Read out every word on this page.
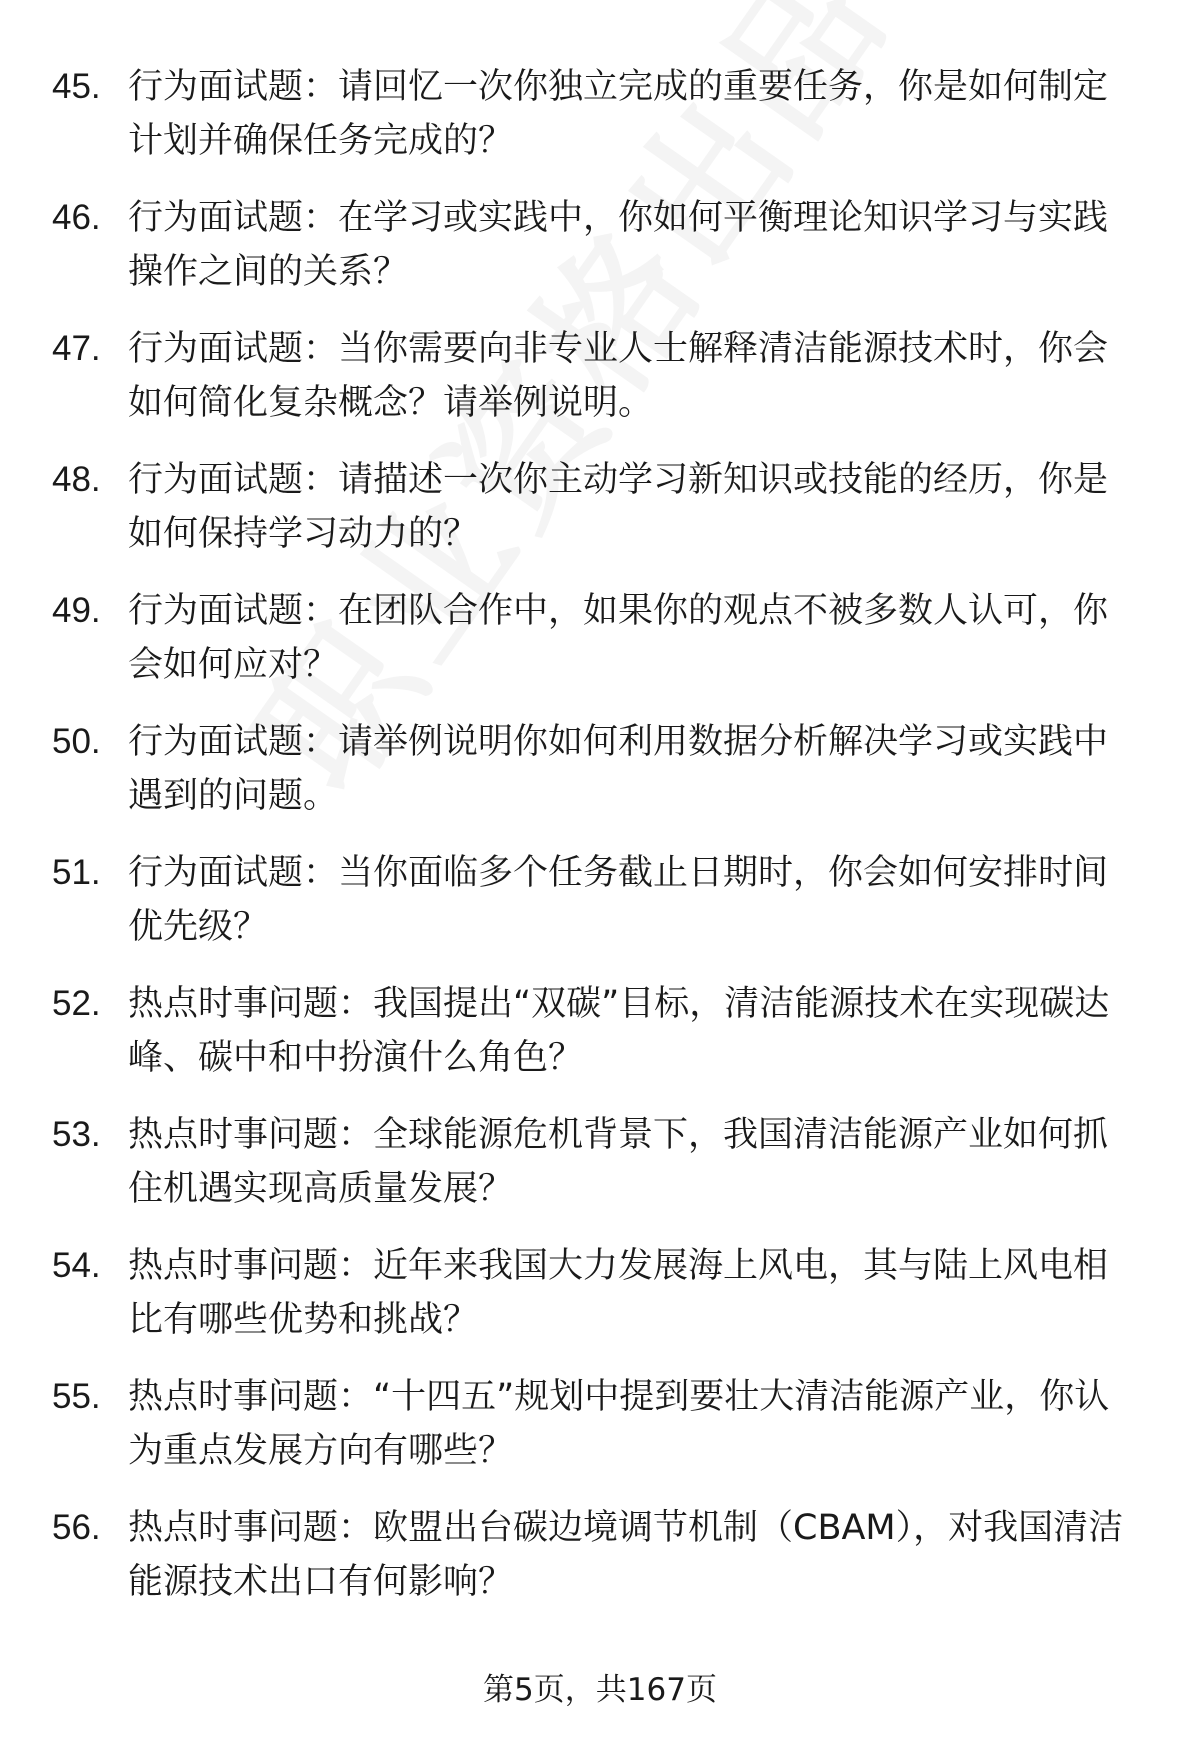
45. 行为面试题：请回忆一次你独立完成的重要任务，你是如何制定计划并确保任务完成的？
46. 行为面试题：在学习或实践中，你如何平衡理论知识学习与实践操作之间的关系？
47. 行为面试题：当你需要向非专业人士解释清洁能源技术时，你会如何简化复杂概念？请举例说明。
48. 行为面试题：请描述一次你主动学习新知识或技能的经历，你是如何保持学习动力的？
49. 行为面试题：在团队合作中，如果你的观点不被多数人认可，你会如何应对？
50. 行为面试题：请举例说明你如何利用数据分析解决学习或实践中遇到的问题。
51. 行为面试题：当你面临多个任务截止日期时，你会如何安排时间优先级？
52. 热点时事问题：我国提出“双碳”目标，清洁能源技术在实现碳达峰、碳中和中扮演什么角色？
53. 热点时事问题：全球能源危机背景下，我国清洁能源产业如何抓住机遇实现高质量发展？
54. 热点时事问题：近年来我国大力发展海上风电，其与陆上风电相比有哪些优势和挑战？
55. 热点时事问题：“十四五”规划中提到要壮大清洁能源产业，你认为重点发展方向有哪些？
56. 热点时事问题：欧盟出台碳边境调节机制（CBAM），对我国清洁能源技术出口有何影响？
第5页，共167页
